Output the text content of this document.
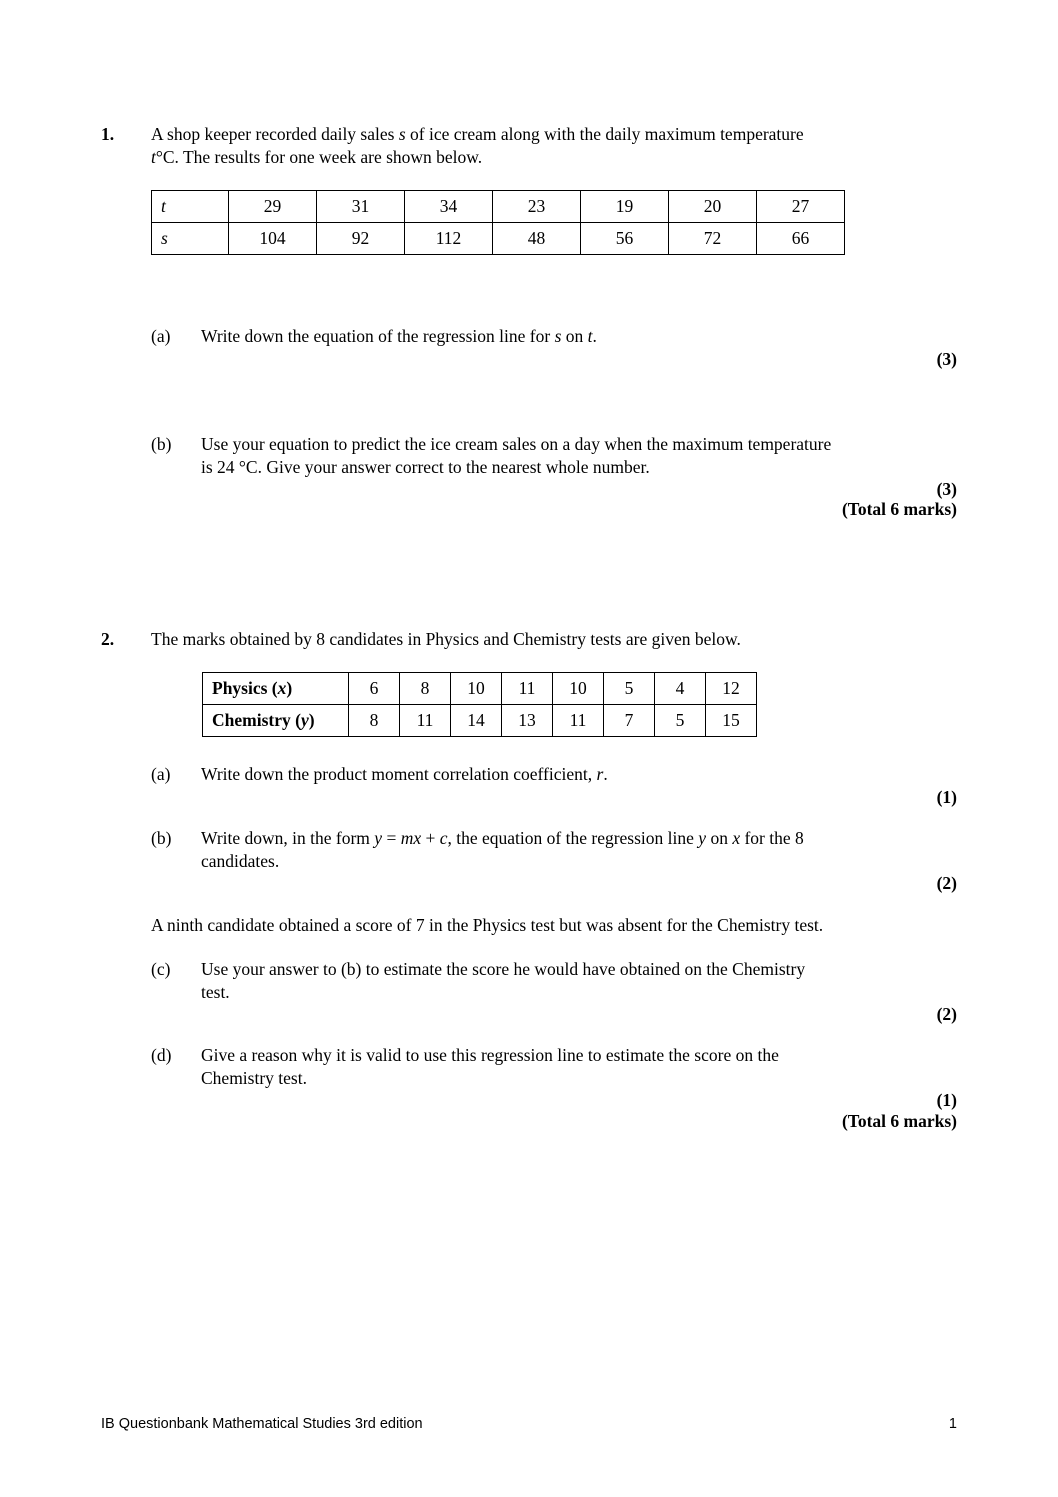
1. A shop keeper recorded daily sales s of ice cream along with the daily maximum temperature
t°C. The results for one week are shown below.
t	29	31	34	23	19	20	27
s	104	92	112	48	56	72	66
(a) Write down the equation of the regression line for s on t.
(3)
(b) Use your equation to predict the ice cream sales on a day when the maximum temperature
is 24 °C. Give your answer correct to the nearest whole number.
(3)
(Total 6 marks)
2. The marks obtained by 8 candidates in Physics and Chemistry tests are given below.
Physics (x)	6	8	10	11	10	5	4	12
Chemistry (y)	8	11	14	13	11	7	5	15
(a) Write down the product moment correlation coefficient, r.
(1)
(b) Write down, in the form y = mx + c, the equation of the regression line y on x for the 8
candidates.
(2)
A ninth candidate obtained a score of 7 in the Physics test but was absent for the Chemistry test.
(c) Use your answer to (b) to estimate the score he would have obtained on the Chemistry
test.
(2)
(d) Give a reason why it is valid to use this regression line to estimate the score on the
Chemistry test.
(1)
(Total 6 marks)
IB Questionbank Mathematical Studies 3rd edition	1
